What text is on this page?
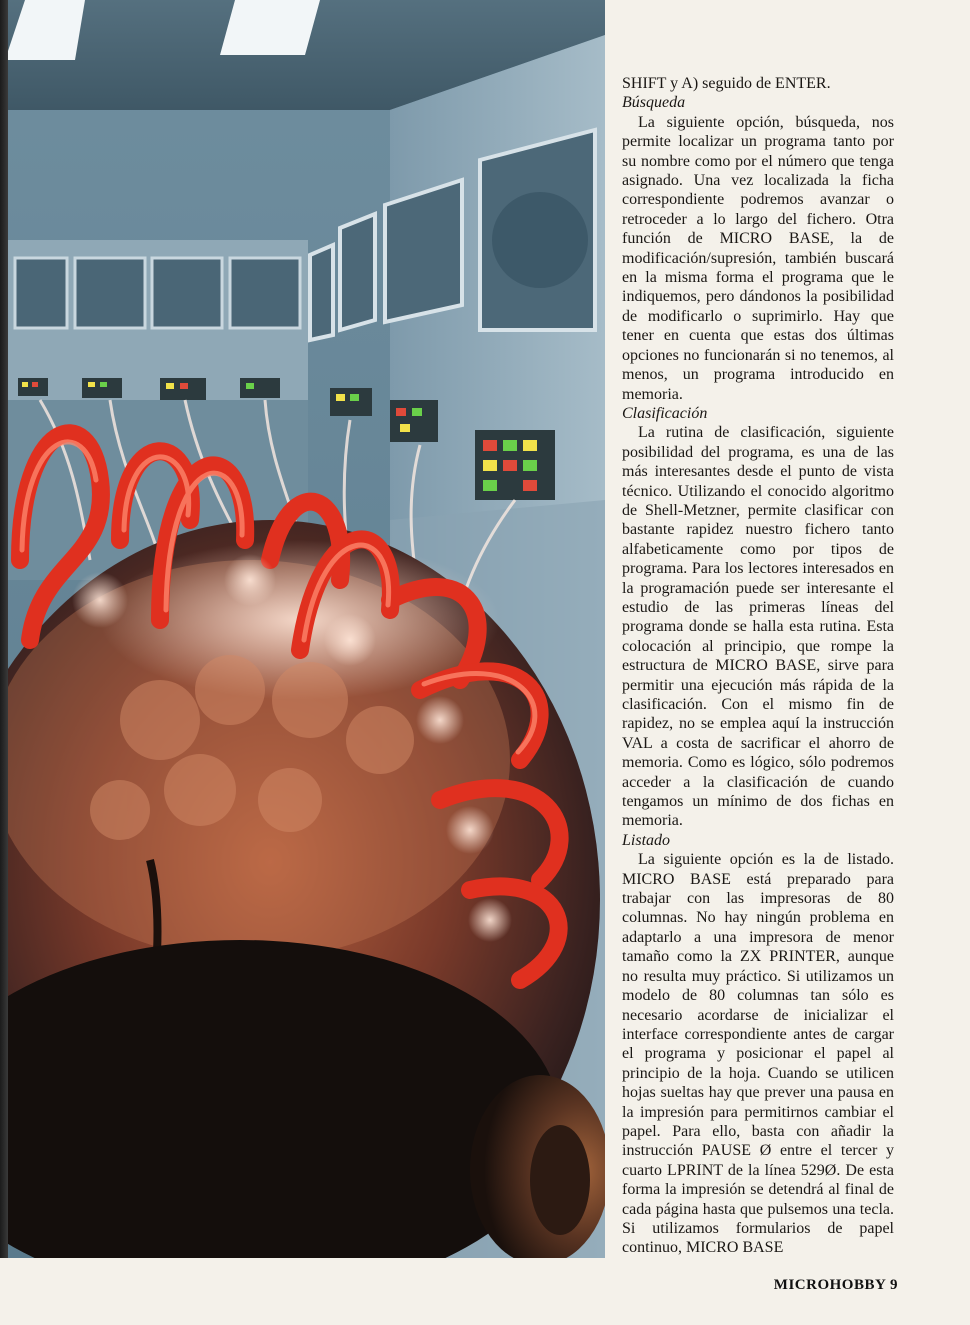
SHIFT y A) seguido de ENTER.

Búsqueda

La siguiente opción, búsqueda, nos permite localizar un programa tanto por su nombre como por el número que tenga asignado. Una vez localizada la ficha correspondiente podremos avanzar o retroceder a lo largo del fichero. Otra función de MICRO BASE, la de modificación/supresión, también buscará en la misma forma el programa que le indiquemos, pero dándonos la posibilidad de modificarlo o suprimirlo. Hay que tener en cuenta que estas dos últimas opciones no funcionarán si no tenemos, al menos, un programa introducido en memoria.

Clasificación

La rutina de clasificación, siguiente posibilidad del programa, es una de las más interesantes desde el punto de vista técnico. Utilizando el conocido algoritmo de Shell-Metzner, permite clasificar con bastante rapidez nuestro fichero tanto alfabeticamente como por tipos de programa. Para los lectores interesados en la programación puede ser interesante el estudio de las primeras líneas del programa donde se halla esta rutina. Esta colocación al principio, que rompe la estructura de MICRO BASE, sirve para permitir una ejecución más rápida de la clasificación. Con el mismo fin de rapidez, no se emplea aquí la instrucción VAL a costa de sacrificar el ahorro de memoria. Como es lógico, sólo podremos acceder a la clasificación de cuando tengamos un mínimo de dos fichas en memoria.

Listado

La siguiente opción es la de listado. MICRO BASE está preparado para trabajar con las impresoras de 80 columnas. No hay ningún problema en adaptarlo a una impresora de menor tamaño como la ZX PRINTER, aunque no resulta muy práctico. Si utilizamos un modelo de 80 columnas tan sólo es necesario acordarse de inicializar el interface correspondiente antes de cargar el programa y posicionar el papel al principio de la hoja. Cuando se utilicen hojas sueltas hay que prever una pausa en la impresión para permitirnos cambiar el papel. Para ello, basta con añadir la instrucción PAUSE Ø entre el tercer y cuarto LPRINT de la línea 529Ø. De esta forma la impresión se detendrá al final de cada página hasta que pulsemos una tecla. Si utilizamos formularios de papel continuo, MICRO BASE

MICROHOBBY 9
